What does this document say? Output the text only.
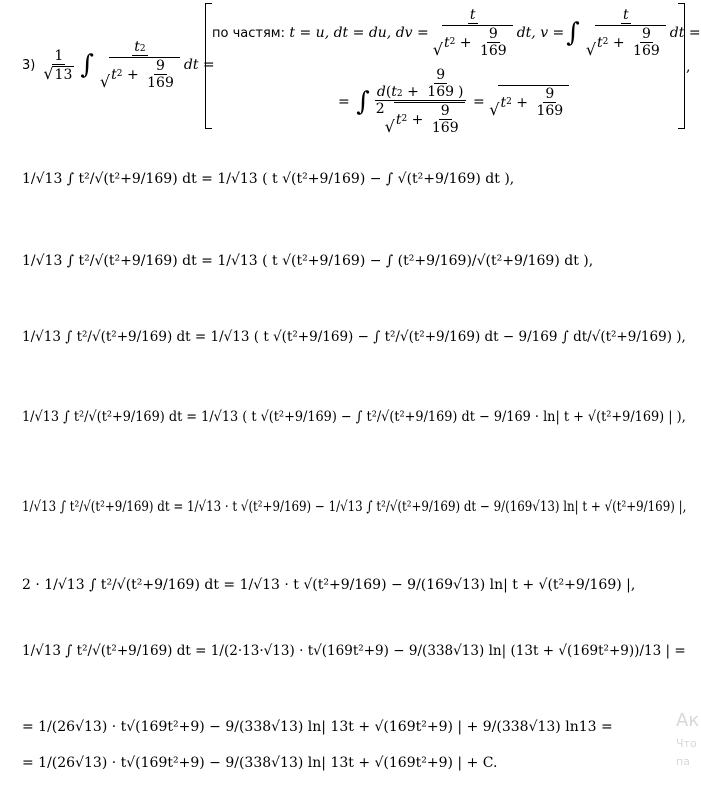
$3) \frac{1}{√ 13}$ ∫ $\frac{t 2}{√ t 2 + \frac{9}{169}}$ dt =
по частям:
t = u, dt = du, dv = $\frac{t}{√ t 2 + \frac{9}{169}}$ dt, v = ∫ $\frac{t}{√ t 2 + \frac{9}{169}}$ dt =
= ∫ d ( t $2 + \frac{9}{169}$ )
2
√ t $2 + \frac{9}{169}$ = √ t $2 + \frac{9}{169}$
,
1/√13 ∫ t²/√(t²+9/169) dt = 1/√13 ( t √(t²+9/169) − ∫ √(t²+9/169) dt ),
1/√13 ∫ t²/√(t²+9/169) dt = 1/√13 ( t √(t²+9/169) − ∫ (t²+9/169)/√(t²+9/169) dt ),
1/√13 ∫ t²/√(t²+9/169) dt = 1/√13 ( t √(t²+9/169) − ∫ t²/√(t²+9/169) dt − 9/169 ∫ dt/√(t²+9/169) ),
1/√13 ∫ t²/√(t²+9/169) dt = 1/√13 ( t √(t²+9/169) − ∫ t²/√(t²+9/169) dt − 9/169 · ln| t + √(t²+9/169) | ),
1/√13 ∫ t²/√(t²+9/169) dt = 1/√13 · t √(t²+9/169) − 1/√13 ∫ t²/√(t²+9/169) dt − 9/(169√13) ln| t + √(t²+9/169) |,
2 · 1/√13 ∫ t²/√(t²+9/169) dt = 1/√13 · t √(t²+9/169) − 9/(169√13) ln| t + √(t²+9/169) |,
1/√13 ∫ t²/√(t²+9/169) dt = 1/(2·13·√13) · t√(169t²+9) − 9/(338√13) ln| (13t + √(169t²+9))/13 | =
= 1/(26√13) · t√(169t²+9) − 9/(338√13) ln| 13t + √(169t²+9) | + 9/(338√13) ln13 =
= 1/(26√13) · t√(169t²+9) − 9/(338√13) ln| 13t + √(169t²+9) | + C.
Ак
Что
па
